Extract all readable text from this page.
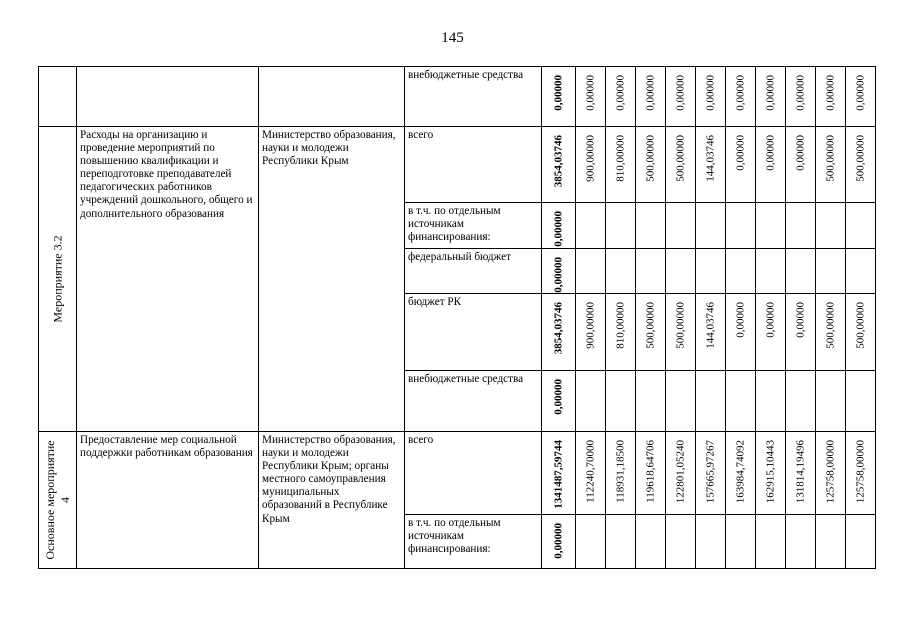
145
			внебюджетные средства	0,00000	0,00000	0,00000	0,00000	0,00000	0,00000	0,00000	0,00000	0,00000	0,00000	0,00000

Мероприятие 3.2	Расходы на организацию и проведение мероприятий по повышению квалификации и переподготовке преподавателей педагогических работников учреждений дошкольного, общего и дополнительного образования	Министерство образования, науки и молодежи Республики Крым	всего	3854,03746	900,00000	810,00000	500,00000	500,00000	144,03746	0,00000	0,00000	0,00000	500,00000	500,00000

			в т.ч. по отдельным источникам финансирования:	0,00000										

			федеральный бюджет	0,00000										

			бюджет РК	3854,03746	900,00000	810,00000	500,00000	500,00000	144,03746	0,00000	0,00000	0,00000	500,00000	500,00000

			внебюджетные средства	0,00000										

Основное мероприятие 4	Предоставление мер социальной поддержки работникам образования	Министерство образования, науки и молодежи Республики Крым; органы местного самоуправления муниципальных образований в Республике Крым	всего	1341487,59744	112240,70000	118931,18500	119618,64706	122801,05240	157665,97267	163984,74092	162915,10443	131814,19496	125758,00000	125758,00000

			в т.ч. по отдельным источникам финансирования:	0,00000										
